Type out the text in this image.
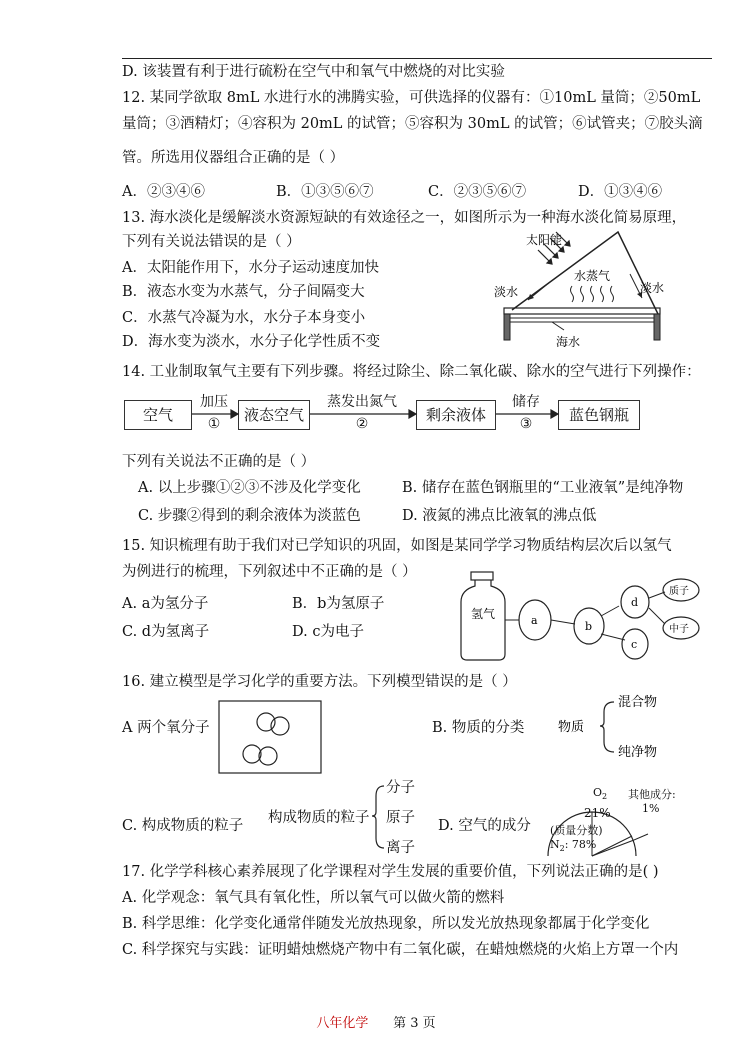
D. 该装置有利于进行硫粉在空气中和氧气中燃烧的对比实验
12. 某同学欲取 8mL 水进行水的沸腾实验，可供选择的仪器有：①10mL 量筒；②50mL
量筒；③酒精灯；④容积为 20mL 的试管；⑤容积为 30mL 的试管；⑥试管夹；⑦胶头滴
管。所选用仪器组合正确的是（ ）
A．②③④⑥	B．①③⑤⑥⑦	C．②③⑤⑥⑦	D．①③④⑥
13. 海水淡化是缓解淡水资源短缺的有效途径之一，如图所示为一种海水淡化简易原理，
下列有关说法错误的是（ ）
A．太阳能作用下，水分子运动速度加快
B．液态水变为水蒸气，分子间隔变大
C．水蒸气冷凝为水，水分子本身变小
D．海水变为淡水，水分子化学性质不变
太阳能
水蒸气
淡水	淡水
海水
14. 工业制取氧气主要有下列步骤。将经过除尘、除二氧化碳、除水的空气进行下列操作：
空气	液态空气	剩余液体	蓝色钢瓶
加压	蒸发出氮气	储存
①	②	③
下列有关说法不正确的是（ ）
A. 以上步骤①②③不涉及化学变化	B. 储存在蓝色钢瓶里的“工业液氧”是纯净物
C. 步骤②得到的剩余液体为淡蓝色	D. 液氮的沸点比液氧的沸点低
15. 知识梳理有助于我们对已学知识的巩固，如图是某同学学习物质结构层次后以氢气
为例进行的梳理，下列叙述中不正确的是（ ）
A. a为氢分子	B．b为氢原子
C. d为氢离子	D. c为电子
氢气	a	b
d
c
质子
中子
16. 建立模型是学习化学的重要方法。下列模型错误的是（ ）
A 两个氧分子	B. 物质的分类	物质
混合物
纯净物
C. 构成物质的粒子 构成物质的粒子
分子
原子
离子
D. 空气的成分
$O_2$
21%
其他成分:
1%
(质量分数)
$N_2$: 78%
17. 化学学科核心素养展现了化学课程对学生发展的重要价值，下列说法正确的是( )
A. 化学观念：氧气具有氧化性，所以氧气可以做火箭的燃料
B. 科学思维：化学变化通常伴随发光放热现象，所以发光放热现象都属于化学变化
C. 科学探究与实践：证明蜡烛燃烧产物中有二氧化碳，在蜡烛燃烧的火焰上方罩一个内
八年化学 第 3 页
